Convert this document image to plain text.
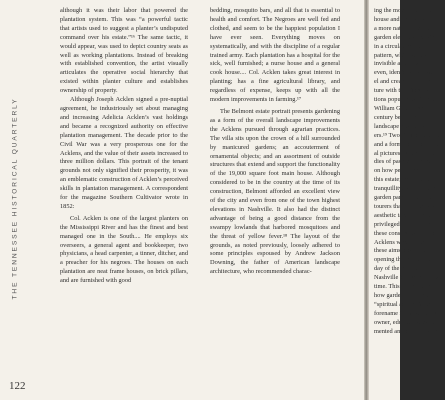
THE TENNESSEE HISTORICAL QUARTERLY

although it was their labor that powered the plantation system. This was “a powerful tactic that artists used to suggest a planter’s undisputed command over his estate.”¹⁶ The same tactic, it would appear, was used to depict country seats as well as working plantations. Instead of breaking with established convention, the artist visually articulates the operative social hierarchy that existed within planter culture and establishes ownership of property.

Although Joseph Acklen signed a pre-nuptial agreement, he industriously set about managing and increasing Adelicia Acklen’s vast holdings and became a recognized authority on effective plantation management. The decade prior to the Civil War was a very prosperous one for the Acklens, and the value of their assets increased to three million dollars. This portrait of the tenant grounds not only signified their prosperity, it was an emblematic construction of Acklen’s perceived skills in plantation management. A correspondent for the magazine Southern Cultivator wrote in 1852:

Col. Acklen is one of the largest planters on the Mississippi River and has the finest and best managed one in the South.... He employs six overseers, a general agent and bookkeeper, two physicians, a head carpenter, a tinner, ditcher, and a preacher for his negroes. The houses on each plantation are neat frame houses, on brick pillars, and are furnished with good

bedding, mosquito bars, and all that is essential to health and comfort. The Negroes are well fed and clothed, and seem to be the happiest population I have ever seen. Everything moves on systematically, and with the discipline of a regular trained army. Each plantation has a hospital for the sick, well furnished; a nurse house and a general cook house.... Col. Acklen takes great interest in planting; has a fine agricultural library, and regardless of expense, keeps up with all the modern improvements in farming.¹⁷

The Belmont estate portrait presents gardening as a form of the overall landscape improvements the Acklens pursued through agrarian practices. The villa sits upon the crown of a hill surrounded by manicured gardens; an accouterment of ornamental objects; and an assortment of outside structures that extend and support the functionality of the 19,000 square foot main house. Although considered to be in the country at the time of its construction, Belmont afforded an excellent view of the city and even from one of the town highest elevations in Nashville. It also had the distinct advantage of being a good distance from the swampy lowlands that harbored mosquitoes and the threat of yellow fever.¹⁸ The layout of the grounds, as noted previously, loosely adhered to some principles espoused by Andrew Jackson Downing, the father of American landscape architecture, who recommended charac-

ing the more formal che
house and gradually m
a more natural arrange
garden elements are visi
in a circular area nearest
pattern, which seems to
invisible axis representat
even, identified as distinc
el and created the view f
ture with the picturesque
tions popularized in Engl
William Gilpin during
century before being ado
landscape design by Dow
ers.¹⁹ Two figures, perhap
and a former slaves engag
al picturesque mode. Th
dies of pastoral serenity,
on how people who live
this estate; were meant
tranquillity. Visitors who
garden parties entertainme
tourers that ultimately sh
aesthetic tastes modeled
privileged class who wou
these constructed spaces.
Acklens were somewhat
these aims is supported b
opening the grounds to
day of the week except
Nashville included any publ
time. This offers a tanta
how gardens, in Thomas
“spiritual as a social eng
forename in class, manne
owner, educated servant,
mented and intellectual.”
122
